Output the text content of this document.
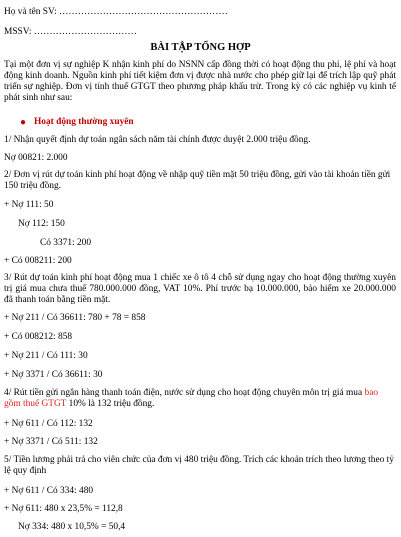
Họ và tên SV: ………………………………………………
MSSV: ……………………………
BÀI TẬP TỔNG HỢP
Tại một đơn vị sự nghiệp K nhận kinh phí do NSNN cấp đồng thời có hoạt động thu phí, lệ phí và hoạt động kinh doanh. Nguồn kinh phí tiết kiệm đơn vị được nhà nước cho phép giữ lại để trích lập quỹ phát triển sự nghiệp. Đơn vị tính thuế GTGT theo phương pháp khấu trừ. Trong kỳ có các nghiệp vụ kinh tế phát sinh như sau:
● Hoạt động thường xuyên
1/ Nhận quyết định dự toán ngân sách năm tài chính được duyệt 2.000 triệu đồng.
Nợ 00821: 2.000
2/ Đơn vị rút dự toán kinh phí hoạt động về nhập quỹ tiền mặt 50 triệu đồng, gửi vào tài khoản tiền gửi 150 triệu đồng.
+ Nợ 111: 50
Nợ 112: 150
Có 3371: 200
+ Có 008211: 200
3/ Rút dự toán kinh phí hoạt động mua 1 chiếc xe ô tô 4 chỗ sử dụng ngay cho hoạt động thường xuyên trị giá mua chưa thuế 780.000.000 đồng, VAT 10%. Phí trước bạ 10.000.000, bảo hiểm xe 20.000.000 đã thanh toán bằng tiền mặt.
+ Nợ 211 / Có 36611: 780 + 78 = 858
+ Có 008212: 858
+ Nợ 211 / Có 111: 30
+ Nợ 3371 / Có 36611: 30
4/ Rút tiền gửi ngân hàng thanh toán điện, nước sử dụng cho hoạt động chuyên môn trị giá mua bao gồm thuế GTGT 10% là 132 triệu đồng.
+ Nợ 611 / Có 112: 132
+ Nợ 3371 / Có 511: 132
5/ Tiền lương phải trả cho viên chức của đơn vị 480 triệu đồng. Trích các khoản trích theo lương theo tỷ lệ quy định
+ Nợ 611 / Có 334: 480
+ Nợ 611: 480 x 23,5% = 112,8
Nợ 334: 480 x 10,5% = 50,4
